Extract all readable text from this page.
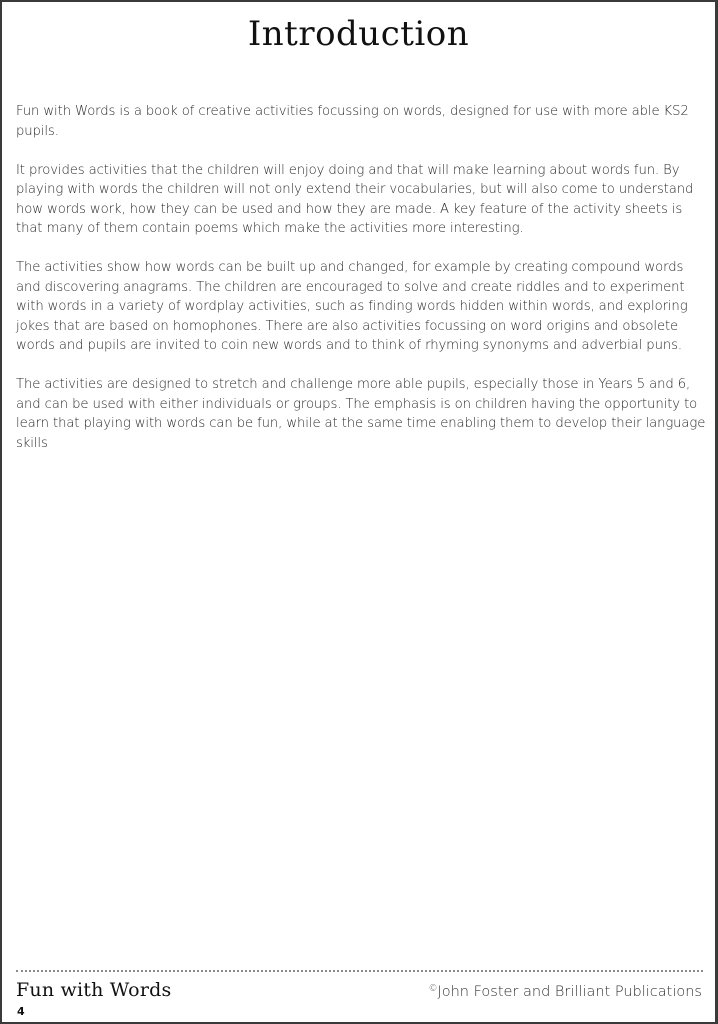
Introduction

Fun with Words is a book of creative activities focussing on words, designed for use with more able KS2 pupils.

It provides activities that the children will enjoy doing and that will make learning about words fun. By playing with words the children will not only extend their vocabularies, but will also come to understand how words work, how they can be used and how they are made. A key feature of the activity sheets is that many of them contain poems which make the activities more interesting.

The activities show how words can be built up and changed, for example by creating compound words and discovering anagrams. The children are encouraged to solve and create riddles and to experiment with words in a variety of wordplay activities, such as finding words hidden within words, and exploring jokes that are based on homophones. There are also activities focussing on word origins and obsolete words and pupils are invited to coin new words and to think of rhyming synonyms and adverbial puns.

The activities are designed to stretch and challenge more able pupils, especially those in Years 5 and 6, and can be used with either individuals or groups. The emphasis is on children having the opportunity to learn that playing with words can be fun, while at the same time enabling them to develop their language skills

Fun with Words
4
©John Foster and Brilliant Publications
